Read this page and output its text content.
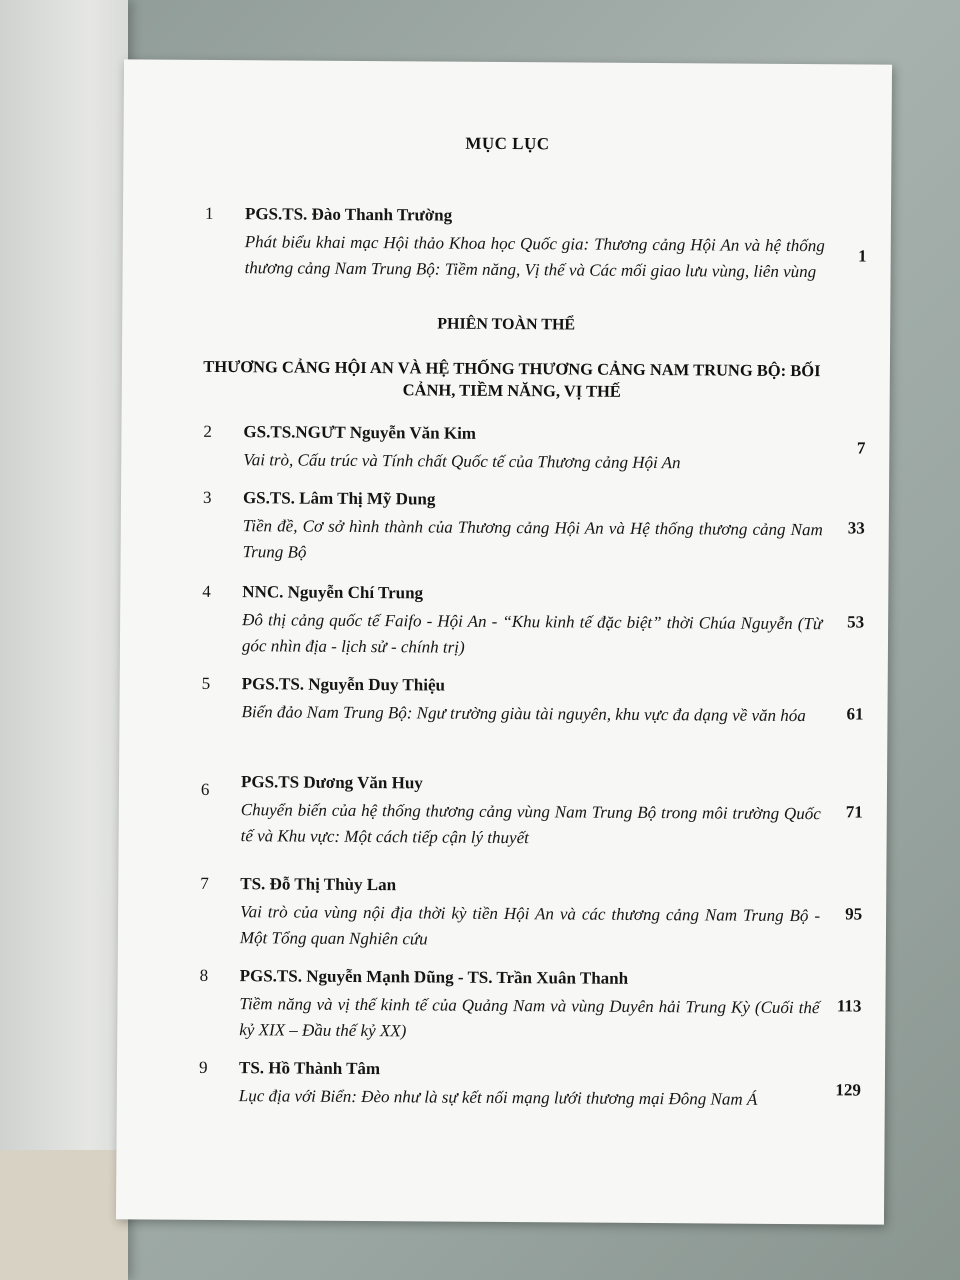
MỤC LỤC
1 PGS.TS. Đào Thanh Trường
Phát biểu khai mạc Hội thảo Khoa học Quốc gia: Thương cảng Hội An và hệ thống thương cảng Nam Trung Bộ: Tiềm năng, Vị thế và Các mối giao lưu vùng, liên vùng
1
PHIÊN TOÀN THỂ
THƯƠNG CẢNG HỘI AN VÀ HỆ THỐNG THƯƠNG CẢNG NAM TRUNG BỘ: BỐI CẢNH, TIỀM NĂNG, VỊ THẾ
2 GS.TS.NGƯT Nguyễn Văn Kim
Vai trò, Cấu trúc và Tính chất Quốc tế của Thương cảng Hội An
7
3 GS.TS. Lâm Thị Mỹ Dung
Tiền đề, Cơ sở hình thành của Thương cảng Hội An và Hệ thống thương cảng Nam Trung Bộ
33
4 NNC. Nguyễn Chí Trung
Đô thị cảng quốc tế Faifo - Hội An - “Khu kinh tế đặc biệt” thời Chúa Nguyễn (Từ góc nhìn địa - lịch sử - chính trị)
53
5 PGS.TS. Nguyễn Duy Thiệu
Biển đảo Nam Trung Bộ: Ngư trường giàu tài nguyên, khu vực đa dạng về văn hóa	61
6 PGS.TS Dương Văn Huy
Chuyển biến của hệ thống thương cảng vùng Nam Trung Bộ trong môi trường Quốc tế và Khu vực: Một cách tiếp cận lý thuyết
71
7 TS. Đỗ Thị Thùy Lan
Vai trò của vùng nội địa thời kỳ tiền Hội An và các thương cảng Nam Trung Bộ - Một Tổng quan Nghiên cứu
95
8 PGS.TS. Nguyễn Mạnh Dũng - TS. Trần Xuân Thanh
Tiềm năng và vị thế kinh tế của Quảng Nam và vùng Duyên hải Trung Kỳ (Cuối thế kỷ XIX – Đầu thế kỷ XX)
113
9 TS. Hồ Thành Tâm
Lục địa với Biển: Đèo như là sự kết nối mạng lưới thương mại Đông Nam Á	129
